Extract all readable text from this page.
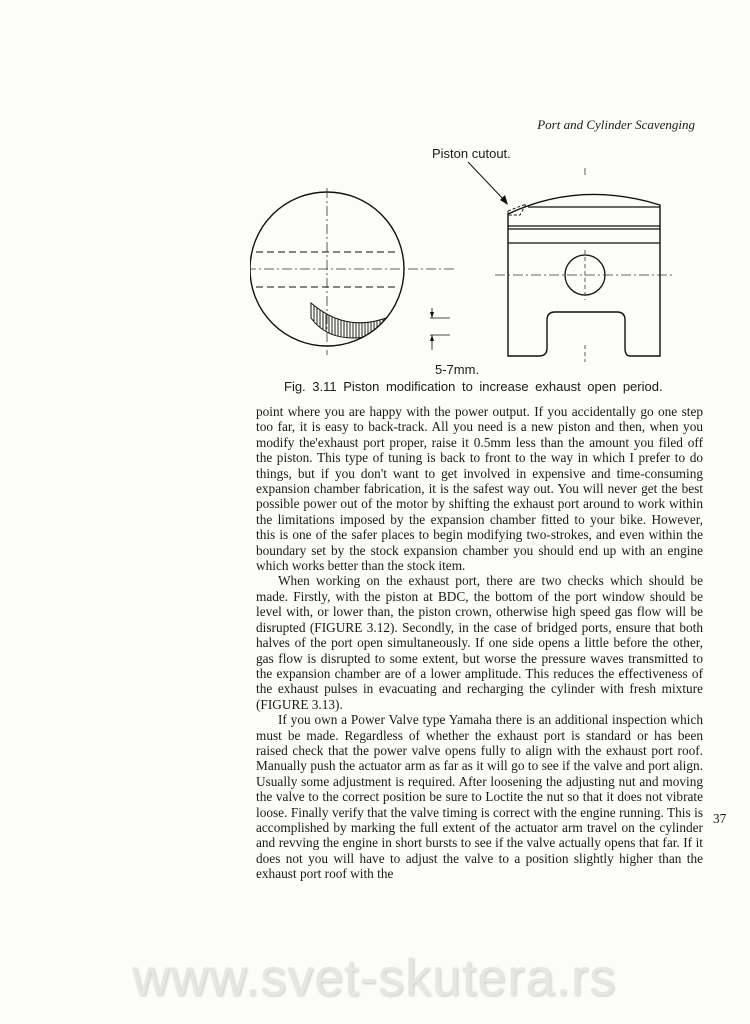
Port and Cylinder Scavenging
Piston cutout.
5-7mm.
Fig. 3.11 Piston modification to increase exhaust open period.

point where you are happy with the power output. If you accidentally go one step too far, it is easy to back-track. All you need is a new piston and then, when you modify the'exhaust port proper, raise it 0.5mm less than the amount you filed off the piston. This type of tuning is back to front to the way in which I prefer to do things, but if you don't want to get involved in expensive and time-consuming expansion chamber fabrication, it is the safest way out. You will never get the best possible power out of the motor by shifting the exhaust port around to work within the limitations imposed by the expansion chamber fitted to your bike. However, this is one of the safer places to begin modifying two-strokes, and even within the boundary set by the stock expansion chamber you should end up with an engine which works better than the stock item.

When working on the exhaust port, there are two checks which should be made. Firstly, with the piston at BDC, the bottom of the port window should be level with, or lower than, the piston crown, otherwise high speed gas flow will be disrupted (FIGURE 3.12). Secondly, in the case of bridged ports, ensure that both halves of the port open simultaneously. If one side opens a little before the other, gas flow is disrupted to some extent, but worse the pressure waves transmitted to the expansion chamber are of a lower amplitude. This reduces the effectiveness of the exhaust pulses in evacuating and recharging the cylinder with fresh mixture (FIGURE 3.13).

If you own a Power Valve type Yamaha there is an additional inspection which must be made. Regardless of whether the exhaust port is standard or has been raised check that the power valve opens fully to align with the exhaust port roof. Manually push the actuator arm as far as it will go to see if the valve and port align. Usually some adjustment is required. After loosening the adjusting nut and moving the valve to the correct position be sure to Loctite the nut so that it does not vibrate loose. Finally verify that the valve timing is correct with the engine running. This is accomplished by marking the full extent of the actuator arm travel on the cylinder and revving the engine in short bursts to see if the valve actually opens that far. If it does not you will have to adjust the valve to a position slightly higher than the exhaust port roof with the

37
www.svet-skutera.rs
